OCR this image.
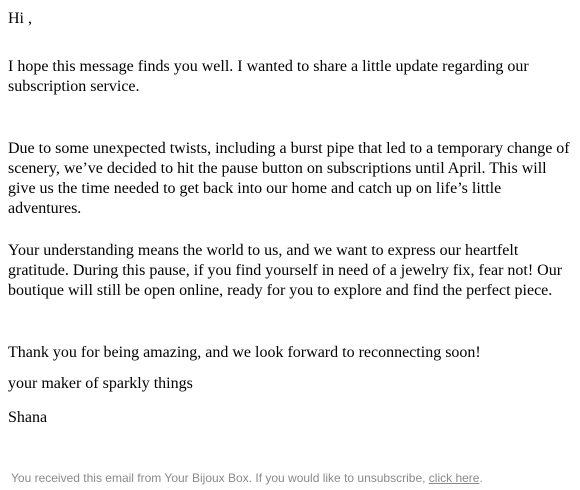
Hi ,

I hope this message finds you well. I wanted to share a little update regarding our subscription service.

Due to some unexpected twists, including a burst pipe that led to a temporary change of scenery, we’ve decided to hit the pause button on subscriptions until April. This will give us the time needed to get back into our home and catch up on life’s little adventures.

Your understanding means the world to us, and we want to express our heartfelt gratitude. During this pause, if you find yourself in need of a jewelry fix, fear not! Our boutique will still be open online, ready for you to explore and find the perfect piece.

Thank you for being amazing, and we look forward to reconnecting soon!

your maker of sparkly things

Shana

You received this email from Your Bijoux Box. If you would like to unsubscribe, click here.
